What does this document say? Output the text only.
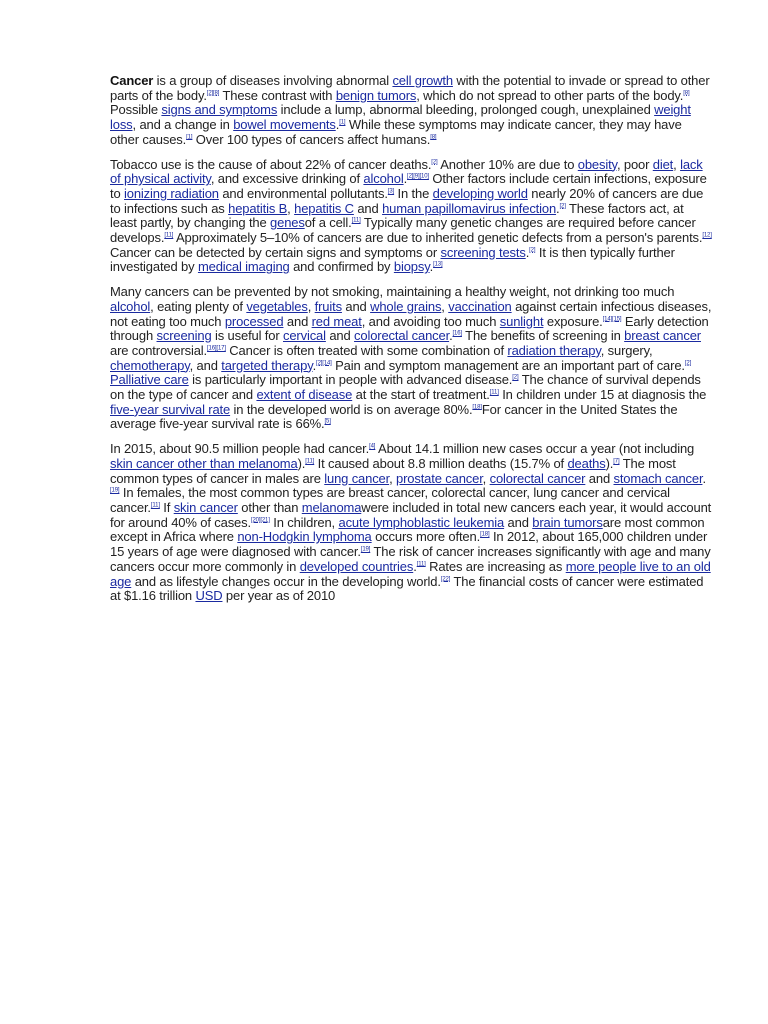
Cancer is a group of diseases involving abnormal cell growth with the potential to invade or spread to other parts of the body.[2][8] These contrast with benign tumors, which do not spread to other parts of the body.[8] Possible signs and symptoms include a lump, abnormal bleeding, prolonged cough, unexplained weight loss, and a change in bowel movements.[1] While these symptoms may indicate cancer, they may have other causes.[1] Over 100 types of cancers affect humans.[8]

Tobacco use is the cause of about 22% of cancer deaths.[2] Another 10% are due to obesity, poor diet, lack of physical activity, and excessive drinking of alcohol.[2][9][10] Other factors include certain infections, exposure to ionizing radiation and environmental pollutants.[3] In the developing world nearly 20% of cancers are due to infections such as hepatitis B, hepatitis C and human papillomavirus infection.[2] These factors act, at least partly, by changing the genesof a cell.[11] Typically many genetic changes are required before cancer develops.[11] Approximately 5–10% of cancers are due to inherited genetic defects from a person's parents.[12] Cancer can be detected by certain signs and symptoms or screening tests.[2] It is then typically further investigated by medical imaging and confirmed by biopsy.[13]

Many cancers can be prevented by not smoking, maintaining a healthy weight, not drinking too much alcohol, eating plenty of vegetables, fruits and whole grains, vaccination against certain infectious diseases, not eating too much processed and red meat, and avoiding too much sunlight exposure.[14][15] Early detection through screening is useful for cervical and colorectal cancer.[16] The benefits of screening in breast cancer are controversial.[16][17] Cancer is often treated with some combination of radiation therapy, surgery, chemotherapy, and targeted therapy.[2][14] Pain and symptom management are an important part of care.[2] Palliative care is particularly important in people with advanced disease.[2] The chance of survival depends on the type of cancer and extent of disease at the start of treatment.[11] In children under 15 at diagnosis the five-year survival rate in the developed world is on average 80%.[18]For cancer in the United States the average five-year survival rate is 66%.[5]

In 2015, about 90.5 million people had cancer.[4] About 14.1 million new cases occur a year (not including skin cancer other than melanoma).[11] It caused about 8.8 million deaths (15.7% of deaths).[7] The most common types of cancer in males are lung cancer, prostate cancer, colorectal cancer and stomach cancer.[19] In females, the most common types are breast cancer, colorectal cancer, lung cancer and cervical cancer.[11] If skin cancer other than melanomawere included in total new cancers each year, it would account for around 40% of cases.[20][21] In children, acute lymphoblastic leukemia and brain tumorsare most common except in Africa where non-Hodgkin lymphoma occurs more often.[18] In 2012, about 165,000 children under 15 years of age were diagnosed with cancer.[19] The risk of cancer increases significantly with age and many cancers occur more commonly in developed countries.[11] Rates are increasing as more people live to an old age and as lifestyle changes occur in the developing world.[22] The financial costs of cancer were estimated at $1.16 trillion USD per year as of 2010
